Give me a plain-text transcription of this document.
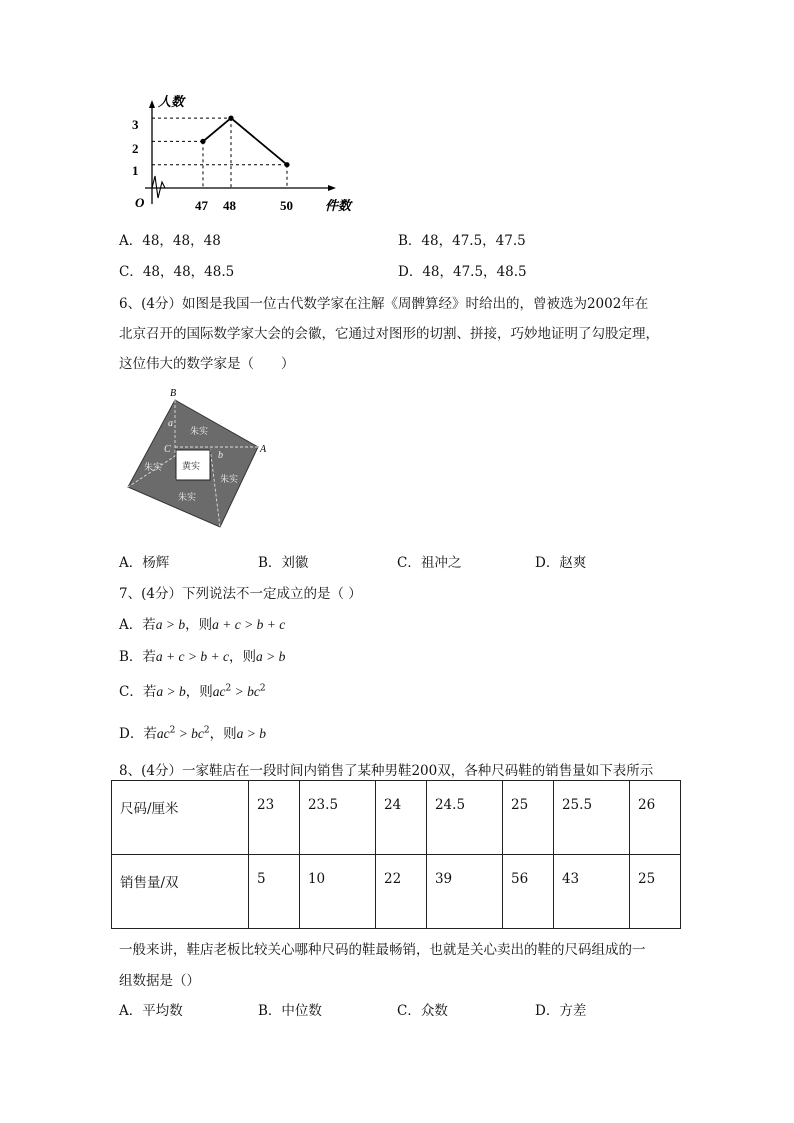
人数
件数
O
1
2
3
47 48	50
A．48，48，48	B．48，47.5，47.5
C．48，48，48.5	D．48，47.5，48.5
6、(4分）如图是我国一位古代数学家在注解《周髀算经》时给出的，曾被选为2002年在
北京召开的国际数学家大会的会徽，它通过对图形的切割、拼接，巧妙地证明了勾股定理，
这位伟大的数学家是（　　）
B
A
C
c
a
b
朱实
朱实
朱实
朱实
黄实
A．杨辉	B．刘徽	C．祖冲之	D．赵爽
7、(4分）下列说法不一定成立的是（ ）
A．若a > b，则a + c > b + c
B．若a + c > b + c，则a > b
C．若a > b，则$ac^2 > bc^2$
D．若$ac^2 > bc^2$，则a > b
8、(4分）一家鞋店在一段时间内销售了某种男鞋200双，各种尺码鞋的销售量如下表所示
尺码/厘米	23	23.5	24	24.5	25	25.5	26
销售量/双	5	10	22	39	56	43	25
一般来讲，鞋店老板比较关心哪种尺码的鞋最畅销，也就是关心卖出的鞋的尺码组成的一
组数据是（）
A．平均数	B．中位数	C．众数	D．方差
